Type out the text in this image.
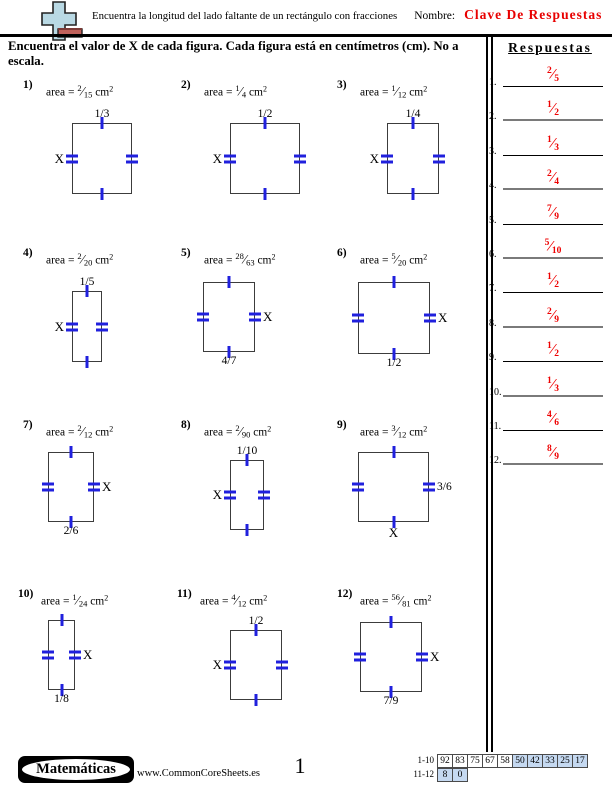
Encuentra la longitud del lado faltante de un rectángulo con fracciones Nombre: Clave De Respuestas
Encuentra el valor de X de cada figura. Cada figura está en centímetros (cm). No a escala.
Respuestas
1)
area = $^2$⁄15 $cm^2$
1/3
X
2)
area = $^1$⁄4 $cm^2$
1/2
X
3)
area = $^1$⁄12 $cm^2$
1/4
X
4)
area = $^2$⁄20 $cm^2$
1/5
X
5)
area = $^{28}$⁄63 $cm^2$
4/7
X
6)
area = $^5$⁄20 $cm^2$
1/2
X
7)
area = $^2$⁄12 $cm^2$
2/6
X
8)
area = $^2$⁄90 $cm^2$
1/10
X
9)
area = $^3$⁄12 $cm^2$
3/6
X
10)
area = $^1$⁄24 $cm^2$
1/8
X
11)
area = $^4$⁄12 $cm^2$
1/2
X
12)
area = $^{56}$⁄81 $cm^2$
7/9
X
1.
$^2⁄_5$
2.
$^1⁄_2$
3.
$^1⁄_3$
4.
$^2⁄_4$
5.
$^7⁄_9$
6.
$^5⁄_{10}$
7.
$^1⁄_2$
8.
$^2⁄_9$
9.
$^1⁄_2$
10.
$^1⁄_3$
11.
$^4⁄_6$
12.
$^8⁄_9$
Matemáticas www.CommonCoreSheets.es	1	1-10 92 83 75 67 58 50 42 33 25 17
11-12 8	0
